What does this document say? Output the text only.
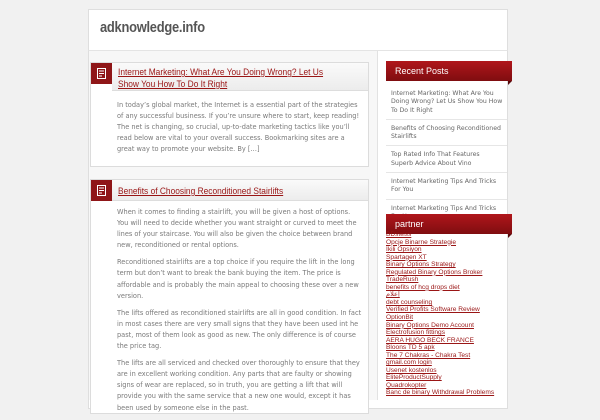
adknowledge.info
Internet Marketing: What Are You Doing Wrong? Let Us Show You How To Do It Right

In today’s global market, the Internet is a essential part of the strategies of any successful business. If you’re unsure where to start, keep reading! The net is changing, so crucial, up-to-date marketing tactics like you’ll read below are vital to your overall success. Bookmarking sites are a great way to promote your website. By […]

Benefits of Choosing Reconditioned Stairlifts

When it comes to finding a stairlift, you will be given a host of options. You will need to decide whether you want straight or curved to meet the lines of your staircase. You will also be given the choice between brand new, reconditioned or rental options.

Reconditioned stairlifts are a top choice if you require the lift in the long term but don’t want to break the bank buying the item. The price is affordable and is probably the main appeal to choosing these over a new version.

The lifts offered as reconditioned stairlifts are all in good condition. In fact in most cases there are very small signs that they have been used int he past, most of them look as good as new. The only difference is of course the price tag.

The lifts are all serviced and checked over thoroughly to ensure that they are in excellent working condition. Any parts that are faulty or showing signs of wear are replaced, so in truth, you are getting a lift that will provide you with the same service that a new one would, except it has been used by someone else in the past.

Recent Posts
Internet Marketing: What Are You Doing Wrong? Let Us Show You How To Do It Right
Benefits of Choosing Reconditioned Stairlifts
Top Rated Info That Features Superb Advice About Vino
Internet Marketing Tips And Tricks For You
Internet Marketing Tips And Tricks
partner
BDswiss
Opcje Binarne Strategie
Ikili Opsiyon
Spartagen XT
Binary Options Strategy
Regulated Binary Options Broker
TradeRush
benefits of hcg drops diet
إعلام
debt counseling
Verified Profits Software Review
OptionBit
Binary Options Demo Account
Electrofusion fittings
AERA HUGO BECK FRANCE
Bloons TD 5 apk
The 7 Chakras - Chakra Test
gmail.com login
Usenet kostenlos
EliteProductSupply
Quadrokopter
Banc de binary Withdrawal Problems
